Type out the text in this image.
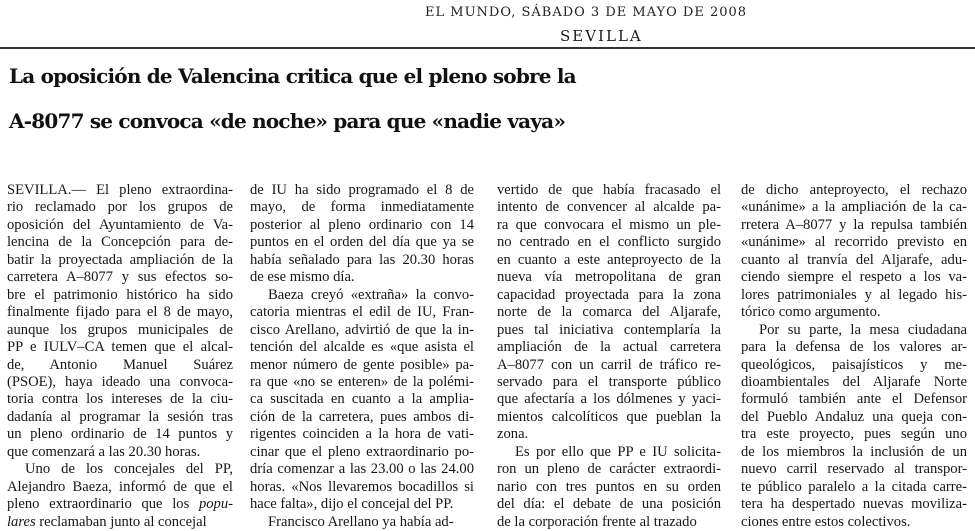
EL MUNDO, SÁBADO 3 DE MAYO DE 2008
SEVILLA
La oposición de Valencina critica que el pleno sobre la
A-8077 se convoca «de noche» para que «nadie vaya»
SEVILLA.— El pleno extraordina-
rio reclamado por los grupos de
oposición del Ayuntamiento de Va-
lencina de la Concepción para de-
batir la proyectada ampliación de la
carretera A–8077 y sus efectos so-
bre el patrimonio histórico ha sido
finalmente fijado para el 8 de mayo,
aunque los grupos municipales de
PP e IULV–CA temen que el alcal-
de, Antonio Manuel Suárez
(PSOE), haya ideado una convoca-
toria contra los intereses de la ciu-
dadanía al programar la sesión tras
un pleno ordinario de 14 puntos y
que comenzará a las 20.30 horas.
Uno de los concejales del PP,
Alejandro Baeza, informó de que el
pleno extraordinario que los popu-
lares reclamaban junto al concejal
de IU ha sido programado el 8 de
mayo, de forma inmediatamente
posterior al pleno ordinario con 14
puntos en el orden del día que ya se
había señalado para las 20.30 horas
de ese mismo día.
Baeza creyó «extraña» la convo-
catoria mientras el edil de IU, Fran-
cisco Arellano, advirtió de que la in-
tención del alcalde es «que asista el
menor número de gente posible» pa-
ra que «no se enteren» de la polémi-
ca suscitada en cuanto a la amplia-
ción de la carretera, pues ambos di-
rigentes coinciden a la hora de vati-
cinar que el pleno extraordinario po-
dría comenzar a las 23.00 o las 24.00
horas. «Nos llevaremos bocadillos si
hace falta», dijo el concejal del PP.
Francisco Arellano ya había ad-
vertido de que había fracasado el
intento de convencer al alcalde pa-
ra que convocara el mismo un ple-
no centrado en el conflicto surgido
en cuanto a este anteproyecto de la
nueva vía metropolitana de gran
capacidad proyectada para la zona
norte de la comarca del Aljarafe,
pues tal iniciativa contemplaría la
ampliación de la actual carretera
A–8077 con un carril de tráfico re-
servado para el transporte público
que afectaría a los dólmenes y yaci-
mientos calcolíticos que pueblan la
zona.
Es por ello que PP e IU solicita-
ron un pleno de carácter extraordi-
nario con tres puntos en su orden
del día: el debate de una posición
de la corporación frente al trazado
de dicho anteproyecto, el rechazo
«unánime» a la ampliación de la ca-
rretera A–8077 y la repulsa también
«unánime» al recorrido previsto en
cuanto al tranvía del Aljarafe, adu-
ciendo siempre el respeto a los va-
lores patrimoniales y al legado his-
tórico como argumento.
Por su parte, la mesa ciudadana
para la defensa de los valores ar-
queológicos, paisajísticos y me-
dioambientales del Aljarafe Norte
formuló también ante el Defensor
del Pueblo Andaluz una queja con-
tra este proyecto, pues según uno
de los miembros la inclusión de un
nuevo carril reservado al transpor-
te público paralelo a la citada carre-
tera ha despertado nuevas moviliza-
ciones entre estos colectivos.
